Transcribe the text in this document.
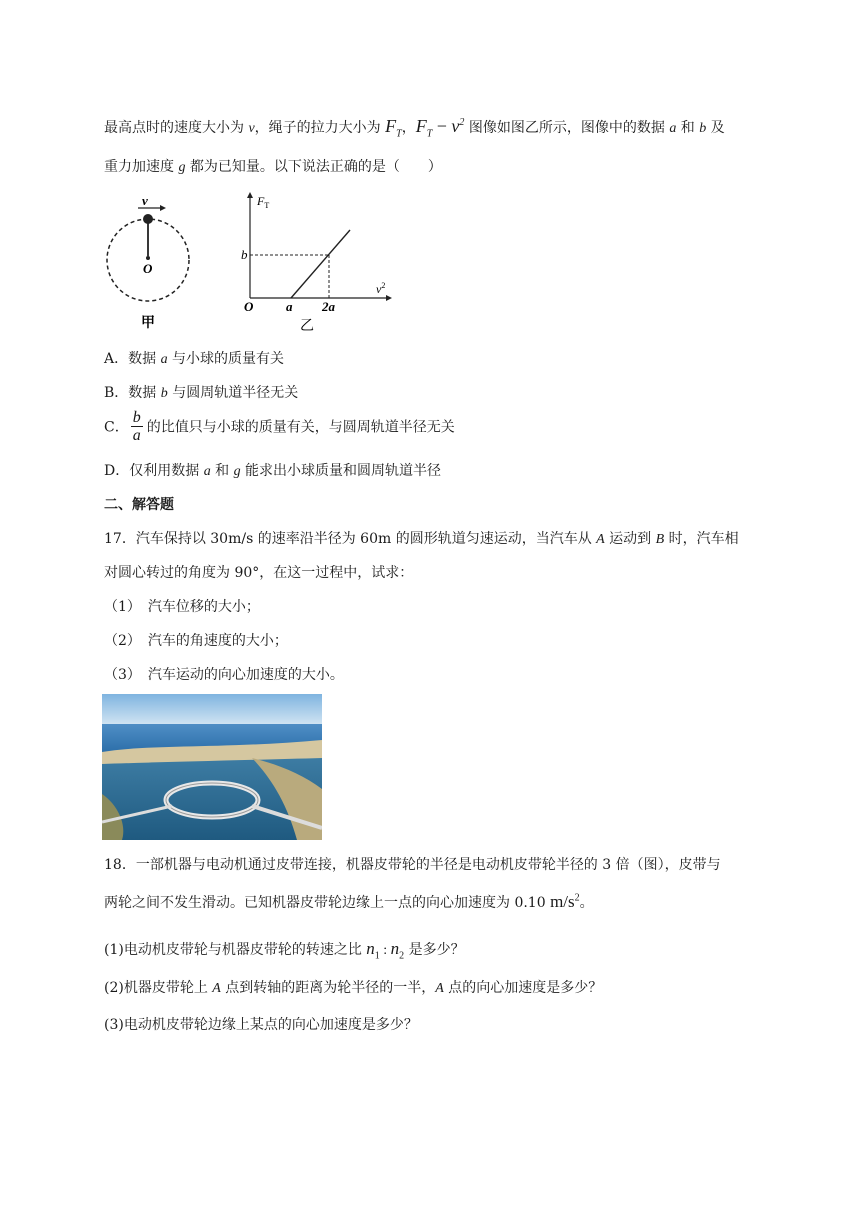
最高点时的速度大小为 v，绳子的拉力大小为 $F_T$，$F_T - v^2$ 图像如图乙所示，图像中的数据 a 和 b 及
重力加速度 g 都为已知量。以下说法正确的是（　　）
v
O
甲
$F_T$
$v^2$
b
O	a 2a
乙
A．数据 a 与小球的质量有关
B．数据 b 与圆周轨道半径无关
C． $\frac{b}{a}$ 的比值只与小球的质量有关，与圆周轨道半径无关
D．仅利用数据 a 和 g 能求出小球质量和圆周轨道半径
二、解答题
17．汽车保持以 30m/s 的速率沿半径为 60m 的圆形轨道匀速运动，当汽车从 A 运动到 B 时，汽车相
对圆心转过的角度为 90°，在这一过程中，试求：
（1）　汽车位移的大小；
（2）　汽车的角速度的大小；
（3）　汽车运动的向心加速度的大小。
18．一部机器与电动机通过皮带连接，机器皮带轮的半径是电动机皮带轮半径的 3 倍（图），皮带与
两轮之间不发生滑动。已知机器皮带轮边缘上一点的向心加速度为 0.10 $m/s^2$。
(1)电动机皮带轮与机器皮带轮的转速之比 $n_1$ : $n_2$ 是多少？
(2)机器皮带轮上 A 点到转轴的距离为轮半径的一半，A 点的向心加速度是多少？
(3)电动机皮带轮边缘上某点的向心加速度是多少？
